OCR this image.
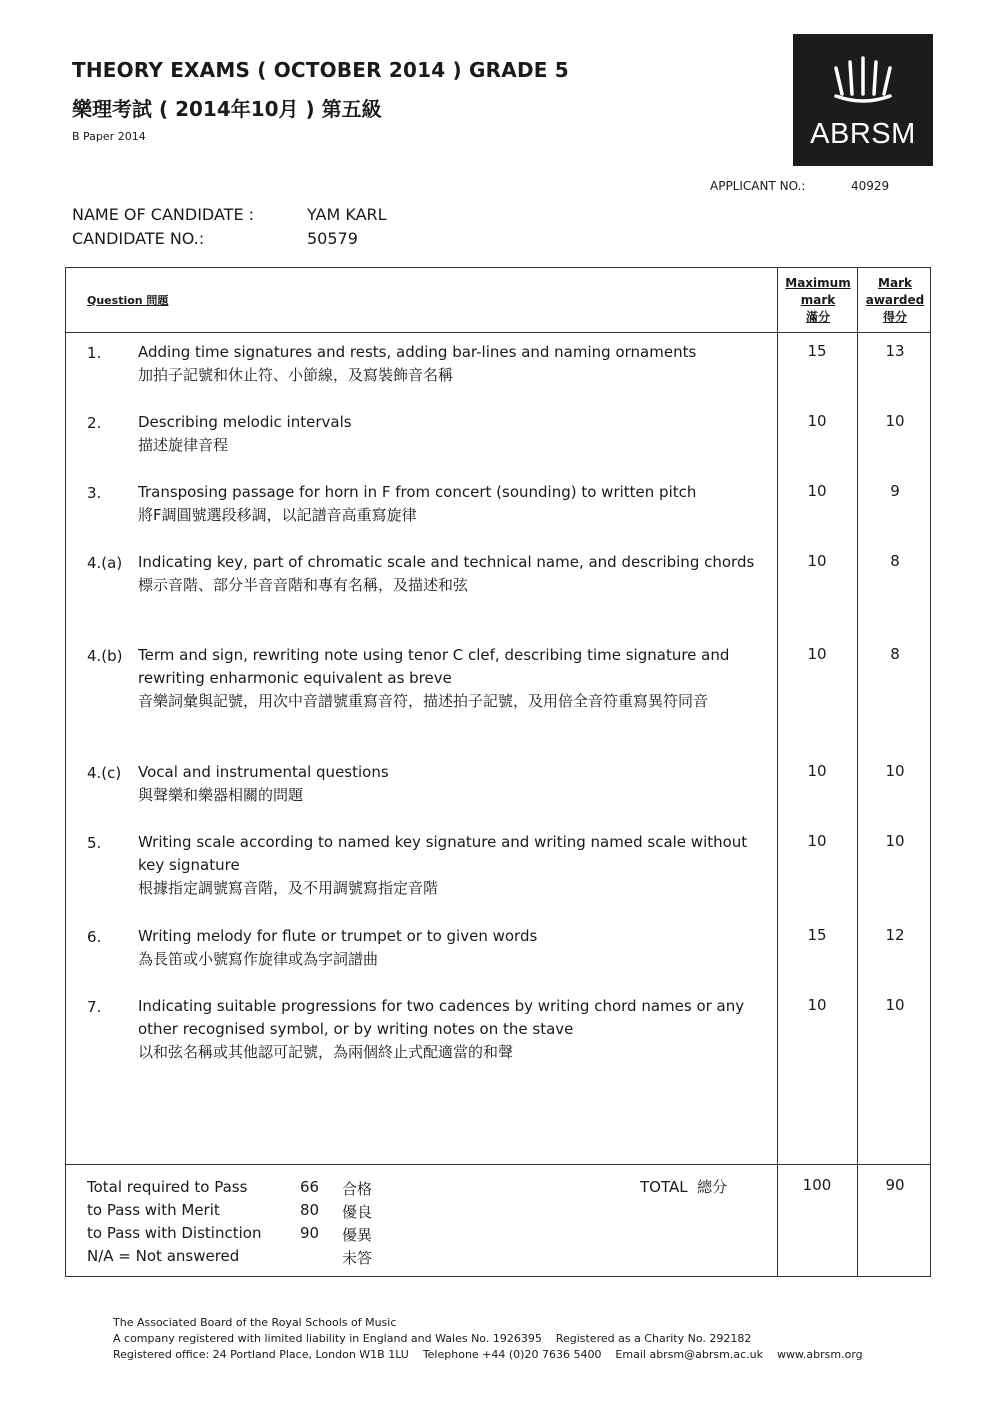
THEORY EXAMS ( OCTOBER 2014 ) GRADE 5
樂理考試 ( 2014年10月 ) 第五級
B Paper 2014	ABRSM
APPLICANT NO.:	40929
NAME OF CANDIDATE :	YAM KARL
CANDIDATE NO.:	50579
Question 問題
Maximum
mark
滿分
Mark
awarded
得分
1. Adding time signatures and rests, adding bar-lines and naming ornaments
加拍子記號和休止符、小節線，及寫裝飾音名稱
15	13
2. Describing melodic intervals
描述旋律音程
10	10
3. Transposing passage for horn in F from concert (sounding) to written pitch
將F調圓號選段移調，以記譜音高重寫旋律
10	9
4.(a) Indicating key, part of chromatic scale and technical name, and describing chords
標示音階、部分半音音階和專有名稱，及描述和弦
10	8
4.(b) Term and sign, rewriting note using tenor C clef, describing time signature and rewriting enharmonic equivalent as breve
音樂詞彙與記號，用次中音譜號重寫音符，描述拍子記號，及用倍全音符重寫異符同音
10	8
4.(c) Vocal and instrumental questions
與聲樂和樂器相關的問題
10	10
5. Writing scale according to named key signature and writing named scale without key signature
根據指定調號寫音階，及不用調號寫指定音階
10	10
6. Writing melody for flute or trumpet or to given words
為長笛或小號寫作旋律或為字詞譜曲
15	12
7. Indicating suitable progressions for two cadences by writing chord names or any other recognised symbol, or by writing notes on the stave
以和弦名稱或其他認可記號，為兩個終止式配適當的和聲
10	10
Total required to Pass	66 合格
to Pass with Merit	80 優良
to Pass with Distinction	90 優異
N/A = Not answered	未答
TOTAL  總分	100	90
The Associated Board of the Royal Schools of Music
A company registered with limited liability in England and Wales No. 1926395    Registered as a Charity No. 292182
Registered office: 24 Portland Place, London W1B 1LU    Telephone +44 (0)20 7636 5400    Email abrsm@abrsm.ac.uk    www.abrsm.org
